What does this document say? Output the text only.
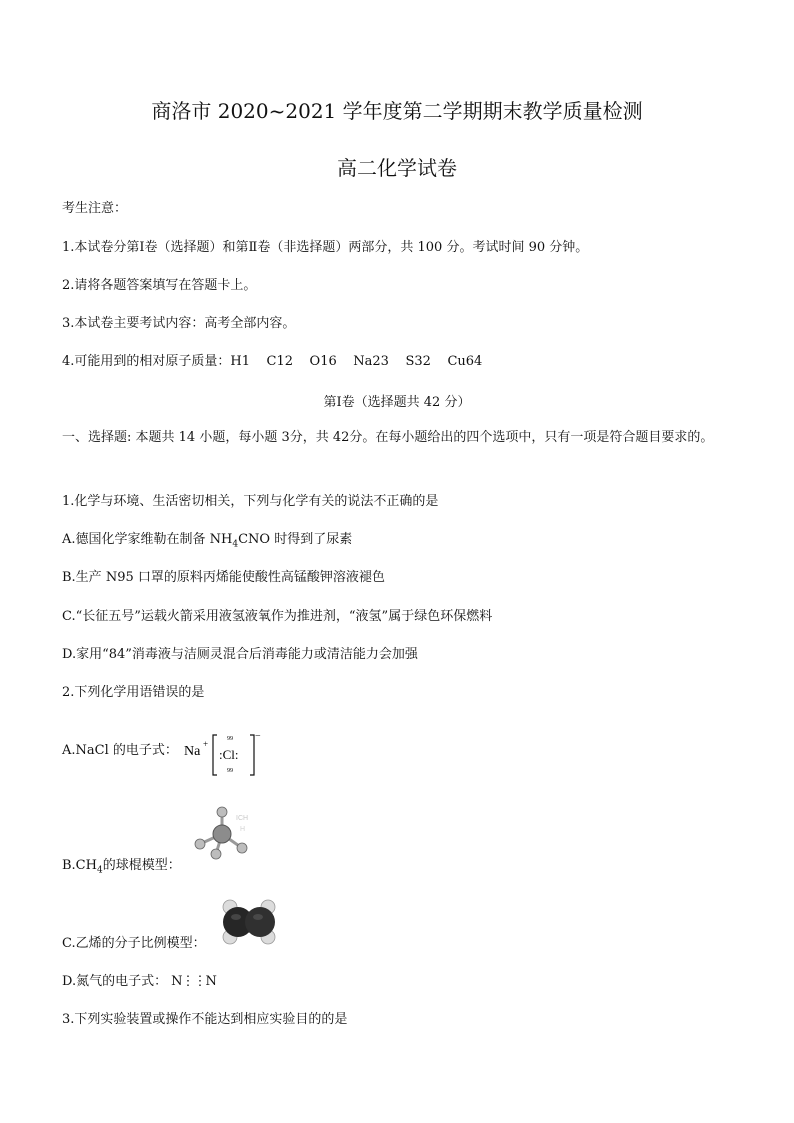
商洛市 2020~2021 学年度第二学期期末教学质量检测
高二化学试卷
考生注意：
1.本试卷分第Ⅰ卷（选择题）和第Ⅱ卷（非选择题）两部分，共 100 分。考试时间 90 分钟。
2.请将各题答案填写在答题卡上。
3.本试卷主要考试内容：高考全部内容。
4.可能用到的相对原子质量：H1    C12    O16    Na23    S32    Cu64
第Ⅰ卷（选择题共 42 分）
一、选择题: 本题共 14 小题，每小题 3分，共 42分。在每小题给出的四个选项中，只有一项是符合题目要求的。
1.化学与环境、生活密切相关，下列与化学有关的说法不正确的是
A.德国化学家维勒在制备 $NH_4CNO$ 时得到了尿素
B.生产 N95 口罩的原料丙烯能使酸性高锰酸钾溶液褪色
C.“长征五号”运载火箭采用液氢液氧作为推进剂，“液氢”属于绿色环保燃料
D.家用“84”消毒液与洁厕灵混合后消毒能力或清洁能力会加强
2.下列化学用语错误的是
A.NaCl 的电子式： Na +	99
:Cl:
99
−
ICH
H
$B.CH_4$的球棍模型：
C.乙烯的分子比例模型：
D.氮气的电子式： N⋮⋮N
3.下列实验装置或操作不能达到相应实验目的的是
